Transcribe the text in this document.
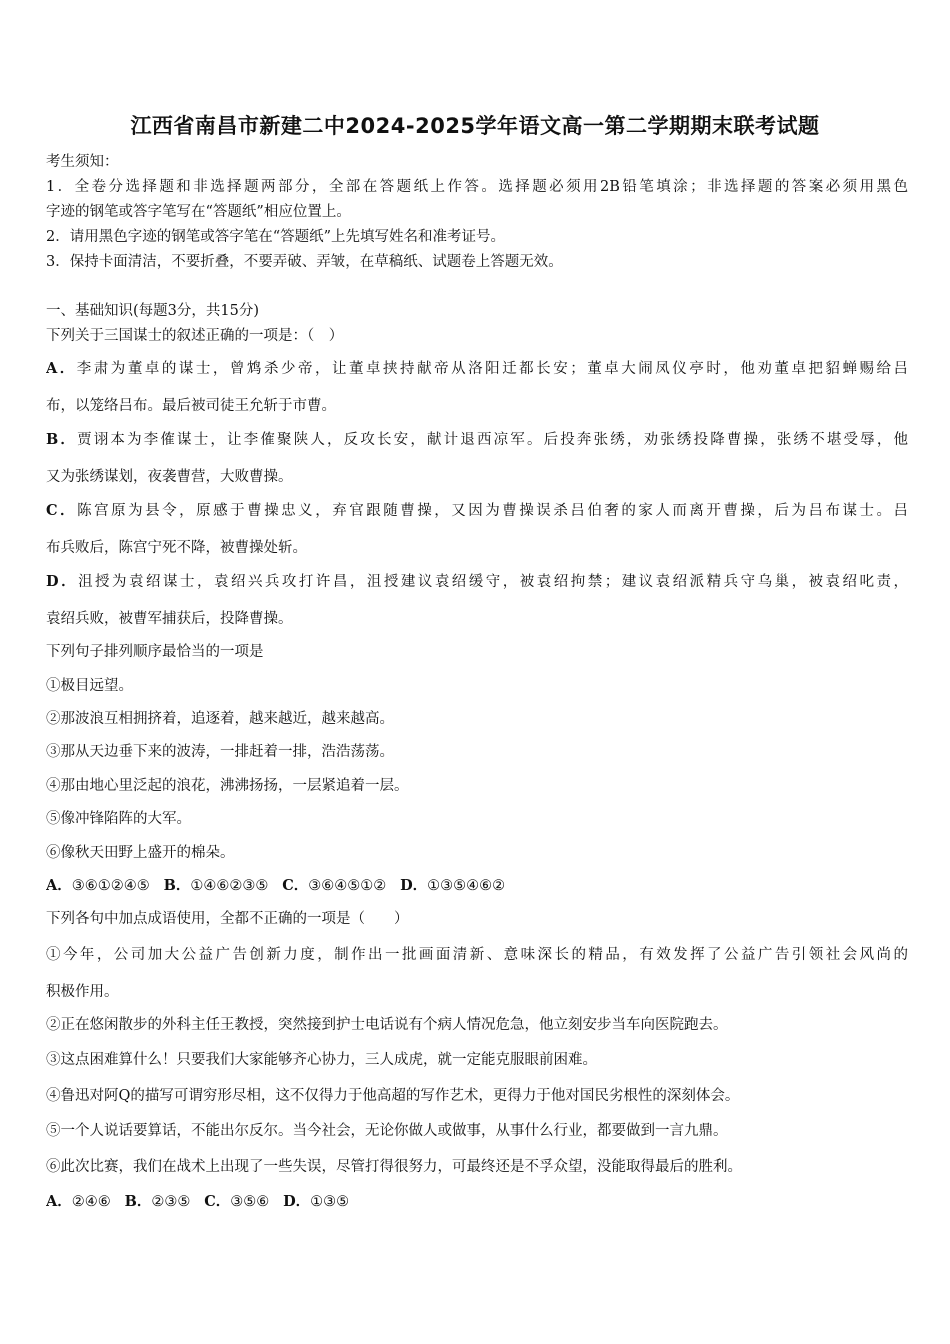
江西省南昌市新建二中2024-2025学年语文高一第二学期期末联考试题
考生须知：
1．全卷分选择题和非选择题两部分，全部在答题纸上作答。选择题必须用2B铅笔填涂；非选择题的答案必须用黑色
字迹的钢笔或答字笔写在“答题纸”相应位置上。
2．请用黑色字迹的钢笔或答字笔在“答题纸”上先填写姓名和准考证号。
3．保持卡面清洁，不要折叠，不要弄破、弄皱，在草稿纸、试题卷上答题无效。
一、基础知识(每题3分，共15分)
下列关于三国谋士的叙述正确的一项是：（　）
A．李肃为董卓的谋士，曾鸩杀少帝，让董卓挟持献帝从洛阳迁都长安；董卓大闹凤仪亭时，他劝董卓把貂蝉赐给吕
布，以笼络吕布。最后被司徒王允斩于市曹。
B．贾诩本为李傕谋士，让李傕聚陕人，反攻长安，献计退西凉军。后投奔张绣，劝张绣投降曹操，张绣不堪受辱，他
又为张绣谋划，夜袭曹营，大败曹操。
C．陈宫原为县令，原感于曹操忠义，弃官跟随曹操，又因为曹操误杀吕伯奢的家人而离开曹操，后为吕布谋士。吕
布兵败后，陈宫宁死不降，被曹操处斩。
D．沮授为袁绍谋士，袁绍兴兵攻打许昌，沮授建议袁绍缓守，被袁绍拘禁；建议袁绍派精兵守乌巢，被袁绍叱责，
袁绍兵败，被曹军捕获后，投降曹操。
下列句子排列顺序最恰当的一项是
①极目远望。
②那波浪互相拥挤着，追逐着，越来越近，越来越高。
③那从天边垂下来的波涛，一排赶着一排，浩浩荡荡。
④那由地心里泛起的浪花，沸沸扬扬，一层紧追着一层。
⑤像冲锋陷阵的大军。
⑥像秋天田野上盛开的棉朵。
A．③⑥①②④⑤ B．①④⑥②③⑤ C．③⑥④⑤①② D．①③⑤④⑥②
下列各句中加点成语使用，全都不正确的一项是（　　）
①今年，公司加大公益广告创新力度，制作出一批画面清新、意味深长的精品，有效发挥了公益广告引领社会风尚的
积极作用。
②正在悠闲散步的外科主任王教授，突然接到护士电话说有个病人情况危急，他立刻安步当车向医院跑去。
③这点困难算什么！只要我们大家能够齐心协力，三人成虎，就一定能克服眼前困难。
④鲁迅对阿Q的描写可谓穷形尽相，这不仅得力于他高超的写作艺术，更得力于他对国民劣根性的深刻体会。
⑤一个人说话要算话，不能出尔反尔。当今社会，无论你做人或做事，从事什么行业，都要做到一言九鼎。
⑥此次比赛，我们在战术上出现了一些失误，尽管打得很努力，可最终还是不孚众望，没能取得最后的胜利。
A．②④⑥ B．②③⑤ C．③⑤⑥ D．①③⑤
